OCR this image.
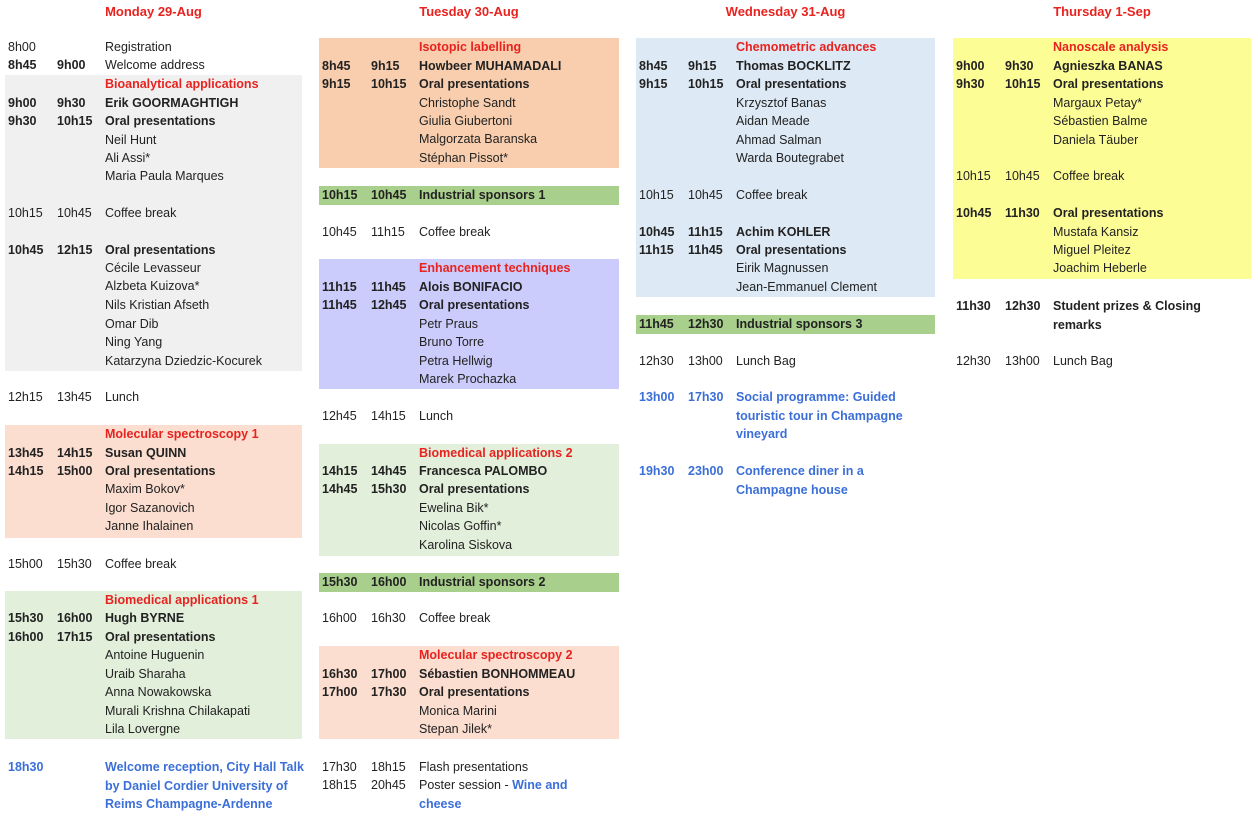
Monday 29-Aug
8h00	Registration
8h45 9h00 Welcome address
Bioanalytical applications
9h00 9h30 Erik GOORMAGHTIGH
9h30 10h15 Oral presentations
Neil Hunt
Ali Assi*
Maria Paula Marques
10h15 10h45 Coffee break
10h45 12h15 Oral presentations
Cécile Levasseur
Alzbeta Kuizova*
Nils Kristian Afseth
Omar Dib
Ning Yang
Katarzyna Dziedzic-Kocurek
12h15 13h45 Lunch
Molecular spectroscopy 1
13h45 14h15 Susan QUINN
14h15 15h00 Oral presentations
Maxim Bokov*
Igor Sazanovich
Janne Ihalainen
15h00 15h30 Coffee break
Biomedical applications 1
15h30 16h00 Hugh BYRNE
16h00 17h15 Oral presentations
Antoine Huguenin
Uraib Sharaha
Anna Nowakowska
Murali Krishna Chilakapati
Lila Lovergne
18h30	Welcome reception, City Hall Talk by Daniel Cordier University of Reims Champagne-Ardenne
Tuesday 30-Aug
Isotopic labelling
8h45 9h15 Howbeer MUHAMADALI
9h15 10h15 Oral presentations
Christophe Sandt
Giulia Giubertoni
Malgorzata Baranska
Stéphan Pissot*
10h15 10h45 Industrial sponsors 1
10h45 11h15 Coffee break
Enhancement techniques
11h15 11h45 Alois BONIFACIO
11h45 12h45 Oral presentations
Petr Praus
Bruno Torre
Petra Hellwig
Marek Prochazka
12h45 14h15 Lunch
Biomedical applications 2
14h15 14h45 Francesca PALOMBO
14h45 15h30 Oral presentations
Ewelina Bik*
Nicolas Goffin*
Karolina Siskova
15h30 16h00 Industrial sponsors 2
16h00 16h30 Coffee break
Molecular spectroscopy 2
16h30 17h00 Sébastien BONHOMMEAU
17h00 17h30 Oral presentations
Monica Marini
Stepan Jilek*
17h30 18h15 Flash presentations
18h15 20h45 Poster session - Wine and cheese
Wednesday 31-Aug
Chemometric advances
8h45 9h15 Thomas BOCKLITZ
9h15 10h15 Oral presentations
Krzysztof Banas
Aidan Meade
Ahmad Salman
Warda Boutegrabet
10h15 10h45 Coffee break
10h45 11h15 Achim KOHLER
11h15 11h45 Oral presentations
Eirik Magnussen
Jean-Emmanuel Clement
11h45 12h30 Industrial sponsors 3
12h30 13h00 Lunch Bag
13h00 17h30 Social programme: Guided touristic tour in Champagne vineyard
19h30 23h00 Conference diner in a Champagne house
Thursday 1-Sep
Nanoscale analysis
9h00 9h30 Agnieszka BANAS
9h30 10h15 Oral presentations
Margaux Petay*
Sébastien Balme
Daniela Täuber
10h15 10h45 Coffee break
10h45 11h30 Oral presentations
Mustafa Kansiz
Miguel Pleitez
Joachim Heberle
11h30 12h30 Student prizes & Closing remarks
12h30 13h00 Lunch Bag
